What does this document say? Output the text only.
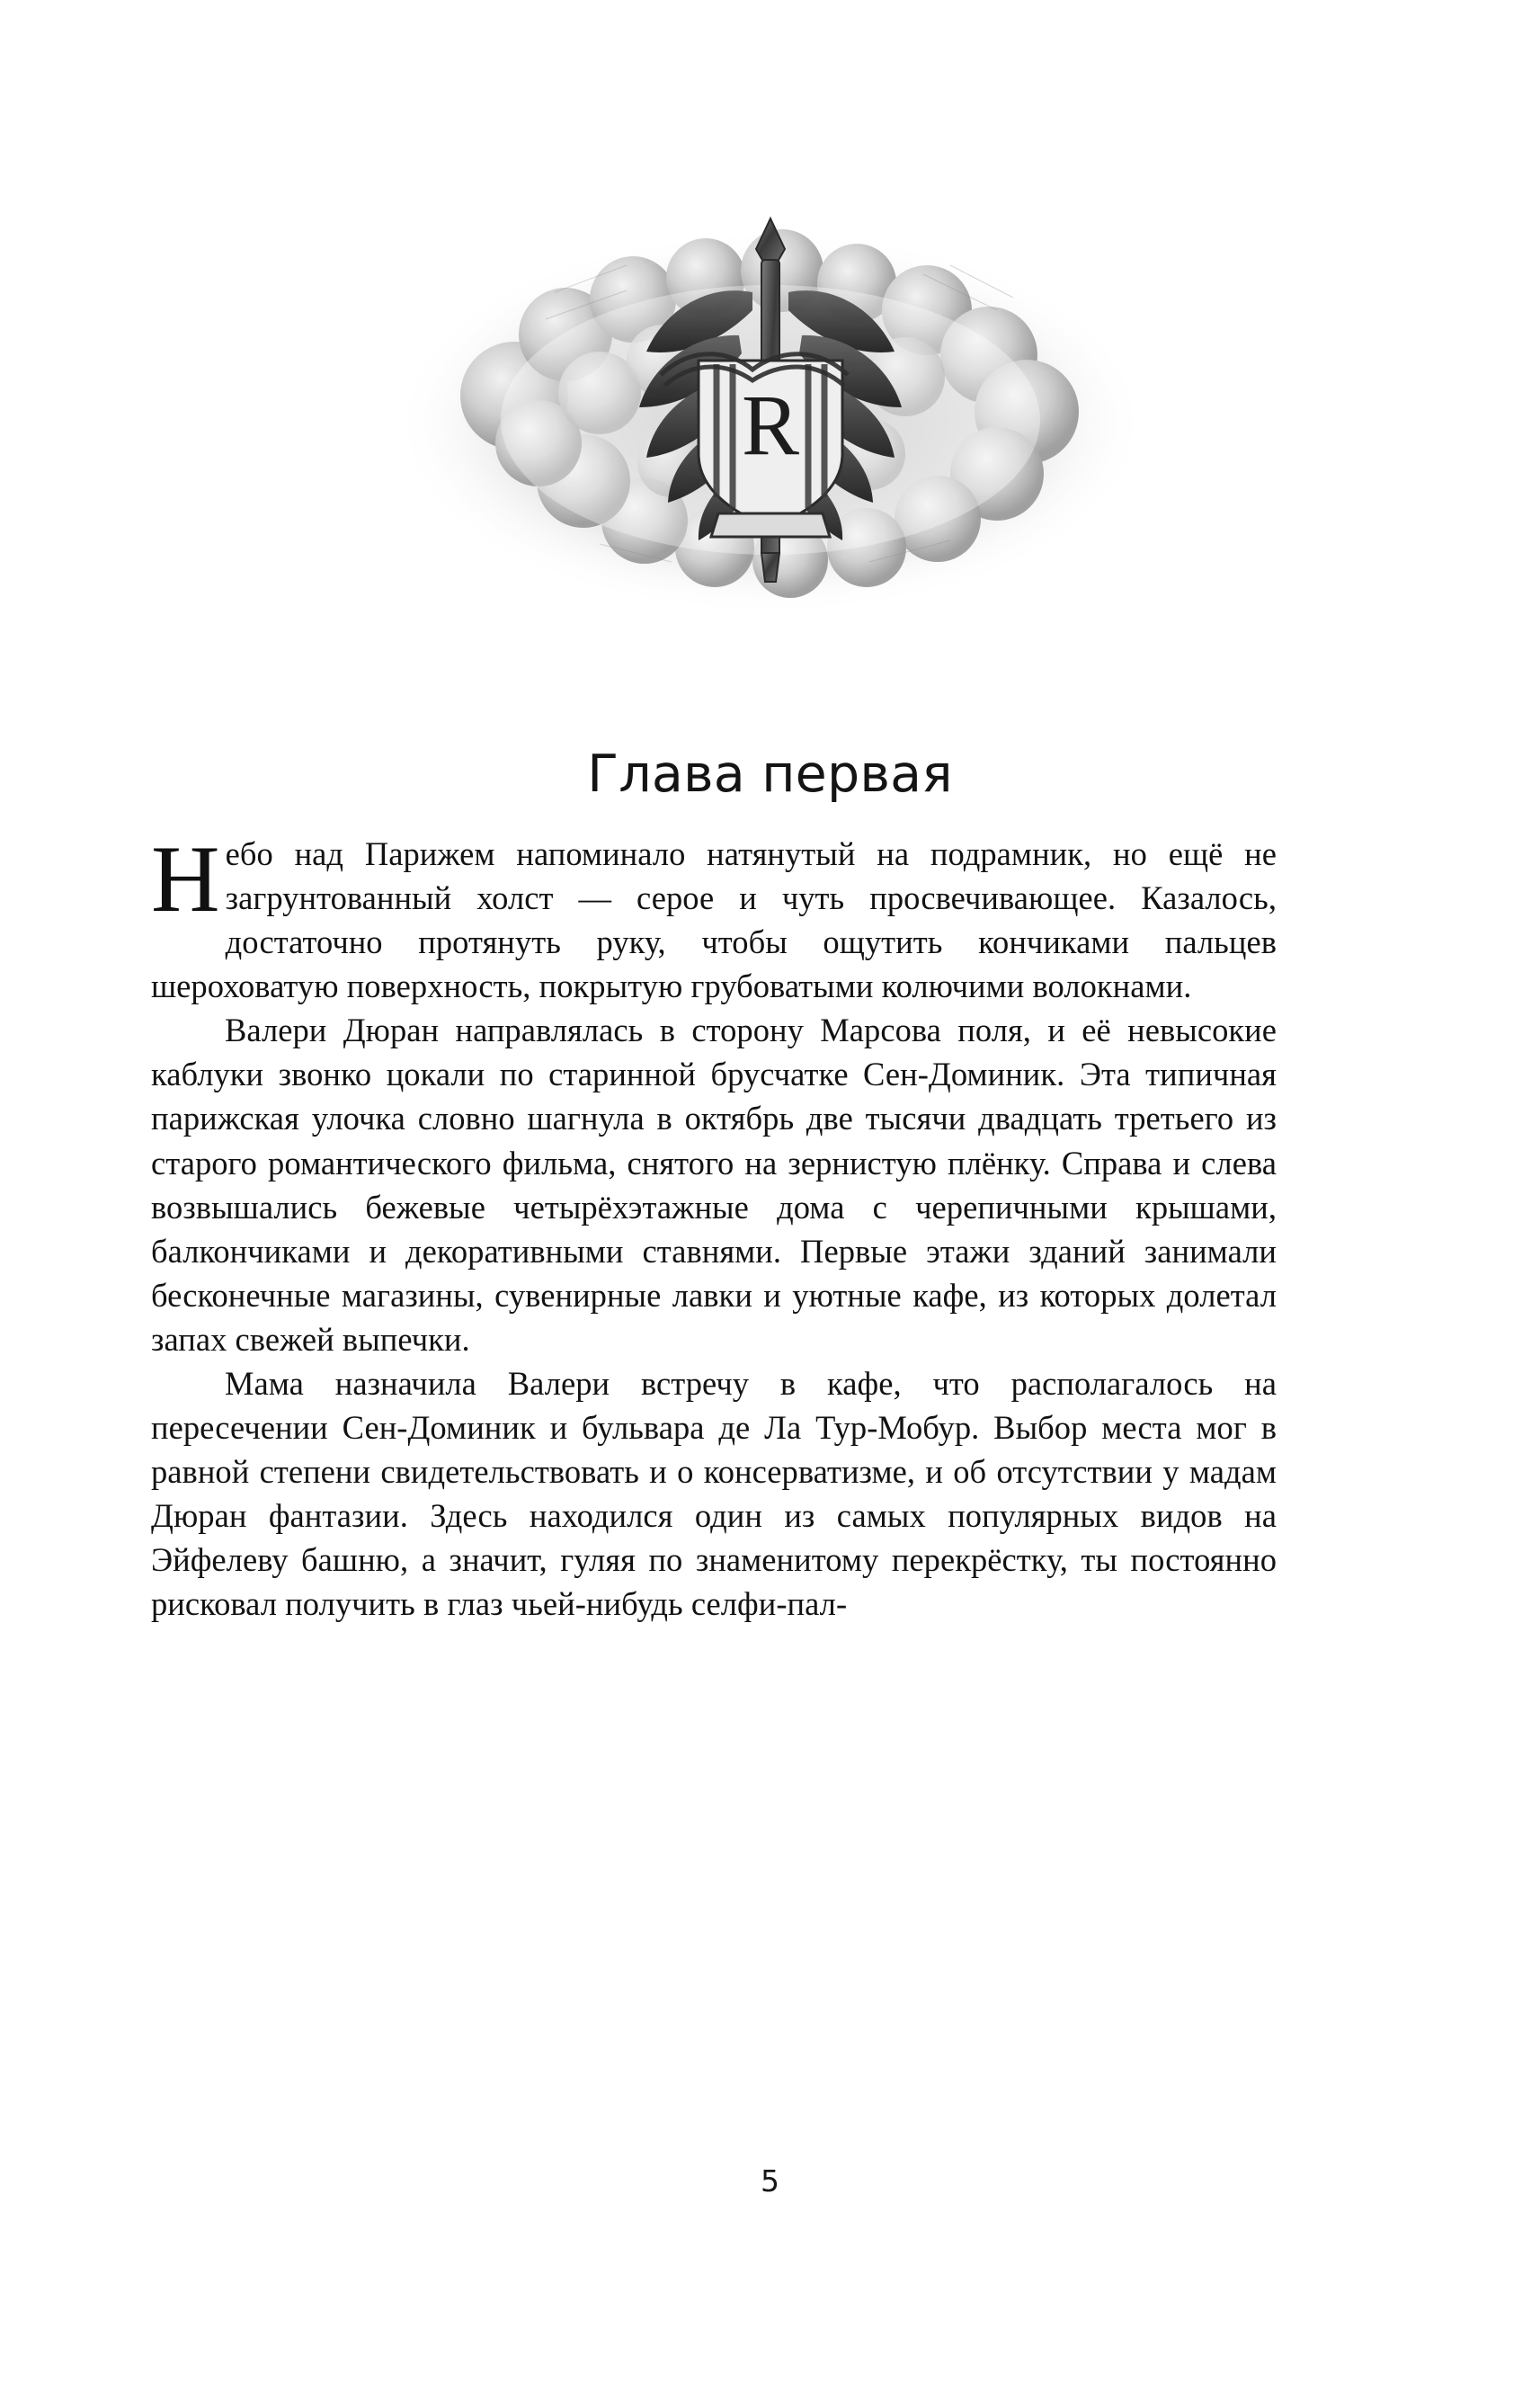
R
Глава первая

Небо над Парижем напоминало натянутый на подрамник, но ещё не загрунтованный холст — серое и чуть просвечивающее. Казалось, достаточно протянуть руку, чтобы ощутить кончиками пальцев шероховатую поверхность, покрытую грубоватыми колючими волокнами.

Валери Дюран направлялась в сторону Марсова поля, и её невысокие каблуки звонко цокали по старинной брусчатке Сен-Доминик. Эта типичная парижская улочка словно шагнула в октябрь две тысячи двадцать третьего из старого романтического фильма, снятого на зернистую плёнку. Справа и слева возвышались бежевые четырёхэтажные дома с черепичными крышами, балкончиками и декоративными ставнями. Первые этажи зданий занимали бесконечные магазины, сувенирные лавки и уютные кафе, из которых долетал запах свежей выпечки.

Мама назначила Валери встречу в кафе, что располагалось на пересечении Сен-Доминик и бульвара де Ла Тур-Мобур. Выбор места мог в равной степени свидетельствовать и о консерватизме, и об отсутствии у мадам Дюран фантазии. Здесь находился один из самых популярных видов на Эйфелеву башню, а значит, гуляя по знаменитому перекрёстку, ты постоянно рисковал получить в глаз чьей-нибудь селфи-пал-

5
